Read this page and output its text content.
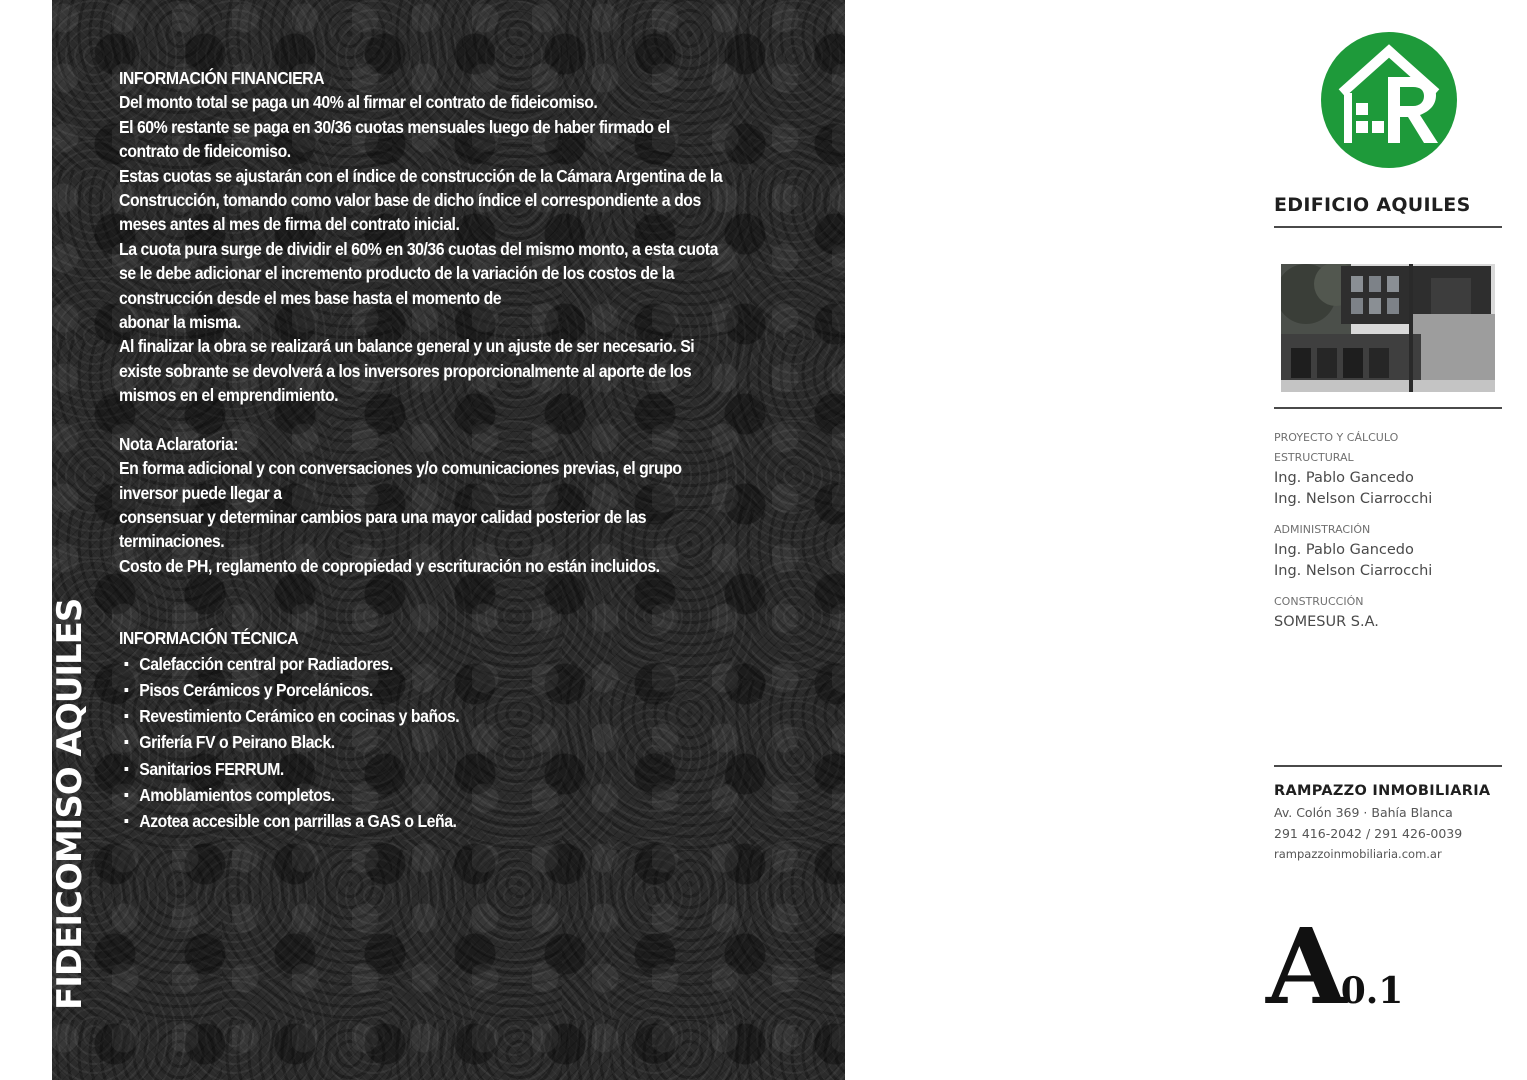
FIDEICOMISO AQUILES
INFORMACIÓN FINANCIERA
Del monto total se paga un 40% al firmar el contrato de fideicomiso.
El 60% restante se paga en 30/36 cuotas mensuales luego de haber firmado el
contrato de fideicomiso.
Estas cuotas se ajustarán con el índice de construcción de la Cámara Argentina de la
Construcción, tomando como valor base de dicho índice el correspondiente a dos
meses antes al mes de firma del contrato inicial.
La cuota pura surge de dividir el 60% en 30/36 cuotas del mismo monto, a esta cuota
se le debe adicionar el incremento producto de la variación de los costos de la
construcción desde el mes base hasta el momento de
abonar la misma.
Al finalizar la obra se realizará un balance general y un ajuste de ser necesario. Si
existe sobrante se devolverá a los inversores proporcionalmente al aporte de los
mismos en el emprendimiento.
Nota Aclaratoria:
En forma adicional y con conversaciones y/o comunicaciones previas, el grupo
inversor puede llegar a
consensuar y determinar cambios para una mayor calidad posterior de las
terminaciones.
Costo de PH, reglamento de copropiedad y escrituración no están incluidos.
INFORMACIÓN TÉCNICA
Calefacción central por Radiadores.
Pisos Cerámicos y Porcelánicos.
Revestimiento Cerámico en cocinas y baños.
Grifería FV o Peirano Black.
Sanitarios FERRUM.
Amoblamientos completos.
Azotea accesible con parrillas a GAS o Leña.
EDIFICIO AQUILES
PROYECTO Y CÁLCULO
ESTRUCTURAL
Ing. Pablo Gancedo
Ing. Nelson Ciarrocchi
ADMINISTRACIÓN
Ing. Pablo Gancedo
Ing. Nelson Ciarrocchi
CONSTRUCCIÓN
SOMESUR S.A.
RAMPAZZO INMOBILIARIA
Av. Colón 369 · Bahía Blanca
291 416-2042 / 291 426-0039
rampazzoinmobiliaria.com.ar
A0.1
